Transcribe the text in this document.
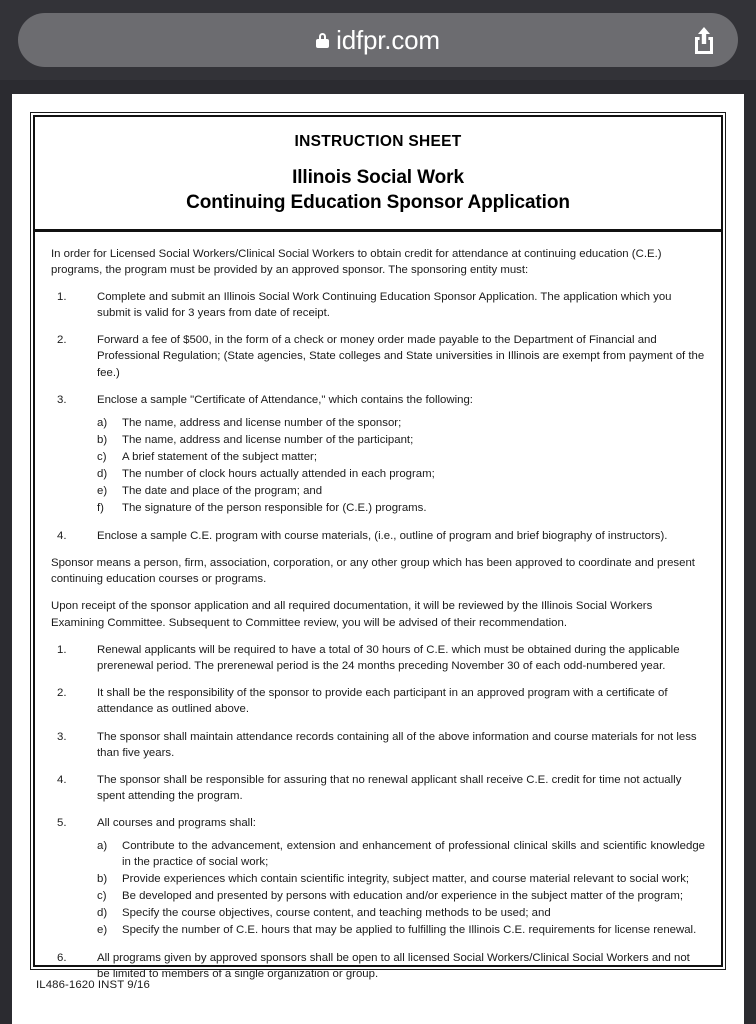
idfpr.com
INSTRUCTION SHEET
Illinois Social Work
Continuing Education Sponsor Application

In order for Licensed Social Workers/Clinical Social Workers to obtain credit for attendance at continuing education (C.E.) programs, the program must be provided by an approved sponsor. The sponsoring entity must:

1.	Complete and submit an Illinois Social Work Continuing Education Sponsor Application. The application which you submit is valid for 3 years from date of receipt.
2.	Forward a fee of $500, in the form of a check or money order made payable to the Department of Financial and Professional Regulation; (State agencies, State colleges and State universities in Illinois are exempt from payment of the fee.)
3.	Enclose a sample "Certificate of Attendance," which contains the following:
a)	The name, address and license number of the sponsor;
b)	The name, address and license number of the participant;
c)	A brief statement of the subject matter;
d)	The number of clock hours actually attended in each program;
e)	The date and place of the program; and
f)	The signature of the person responsible for (C.E.) programs.
4.	Enclose a sample C.E. program with course materials, (i.e., outline of program and brief biography of instructors).

Sponsor means a person, firm, association, corporation, or any other group which has been approved to coordinate and present continuing education courses or programs.

Upon receipt of the sponsor application and all required documentation, it will be reviewed by the Illinois Social Workers Examining Committee. Subsequent to Committee review, you will be advised of their recommendation.

1.	Renewal applicants will be required to have a total of 30 hours of C.E. which must be obtained during the applicable prerenewal period. The prerenewal period is the 24 months preceding November 30 of each odd-numbered year.
2.	It shall be the responsibility of the sponsor to provide each participant in an approved program with a certificate of attendance as outlined above.
3.	The sponsor shall maintain attendance records containing all of the above information and course materials for not less than five years.
4.	The sponsor shall be responsible for assuring that no renewal applicant shall receive C.E. credit for time not actually spent attending the program.
5.	All courses and programs shall:
a)	Contribute to the advancement, extension and enhancement of professional clinical skills and scientific knowledge in the practice of social work;
b)	Provide experiences which contain scientific integrity, subject matter, and course material relevant to social work;
c)	Be developed and presented by persons with education and/or experience in the subject matter of the program;
d)	Specify the course objectives, course content, and teaching methods to be used; and
e)	Specify the number of C.E. hours that may be applied to fulfilling the Illinois C.E. requirements for license renewal.
6.	All programs given by approved sponsors shall be open to all licensed Social Workers/Clinical Social Workers and not be limited to members of a single organization or group.
IL486-1620 INST 9/16
